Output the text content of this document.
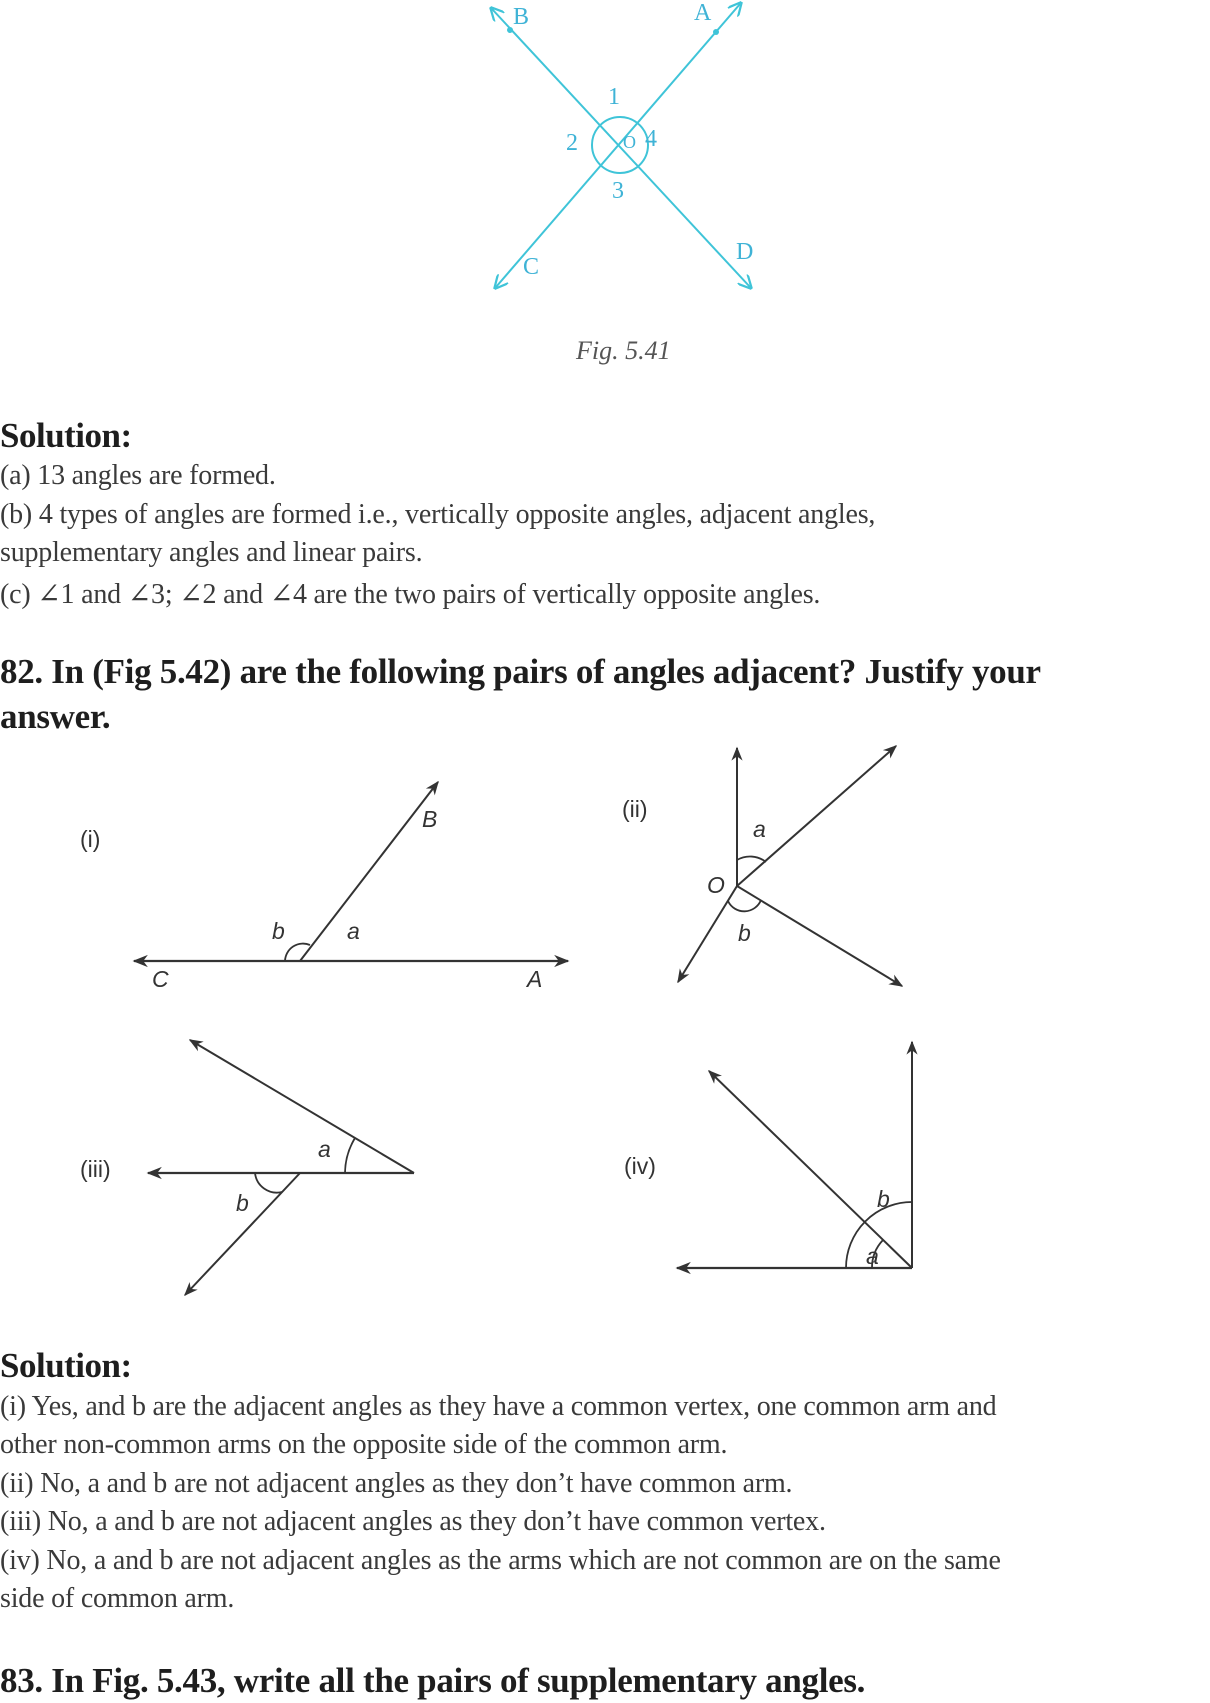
B	A
C
D
1
2
3
4
O
Fig. 5.41
Solution:
(a) 13 angles are formed.
(b) 4 types of angles are formed i.e., vertically opposite angles, adjacent angles,
supplementary angles and linear pairs.
(c) ∠1 and ∠3; ∠2 and ∠4 are the two pairs of vertically opposite angles.
82. In (Fig 5.42) are the following pairs of angles adjacent? Justify your
answer.
(i)
B
b	a
C	A
(ii)
a
O
b
(iii)
a
b
(iv)
b
a
Solution:
(i) Yes, and b are the adjacent angles as they have a common vertex, one common arm and
other non-common arms on the opposite side of the common arm.
(ii) No, a and b are not adjacent angles as they don’t have common arm.
(iii) No, a and b are not adjacent angles as they don’t have common vertex.
(iv) No, a and b are not adjacent angles as the arms which are not common are on the same
side of common arm.
83. In Fig. 5.43, write all the pairs of supplementary angles.
